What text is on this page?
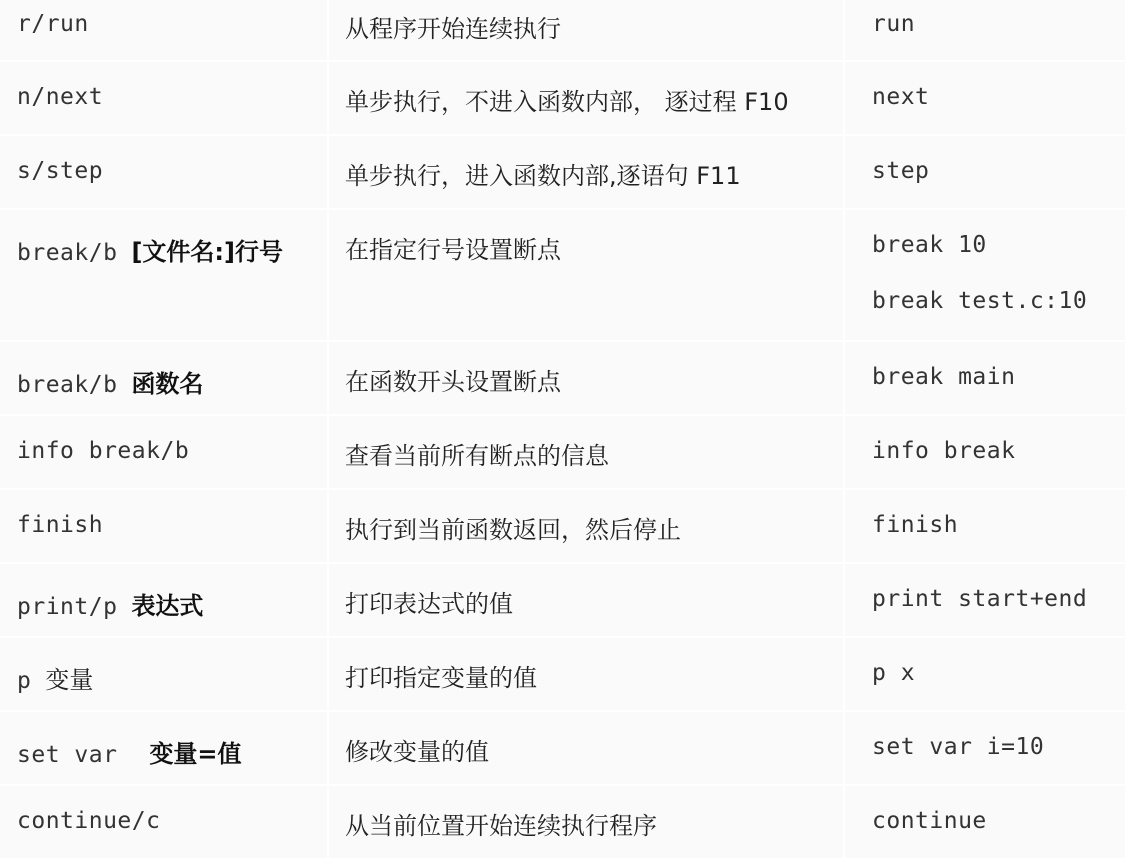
r/run	从程序开始连续执行	run
n/next	单步执行，不进入函数内部， 逐过程 F10	next
s/step	单步执行，进入函数内部,逐语句 F11	step
break/b [文件名:]行号	在指定行号设置断点	break 10
break test.c:10
break/b 函数名	在函数开头设置断点	break main
info break/b	查看当前所有断点的信息	info break
finish	执行到当前函数返回，然后停止	finish
print/p 表达式	打印表达式的值	print start+end
p 变量	打印指定变量的值	p x
set var 变量=值	修改变量的值	set var i=10
continue/c	从当前位置开始连续执行程序	continue
